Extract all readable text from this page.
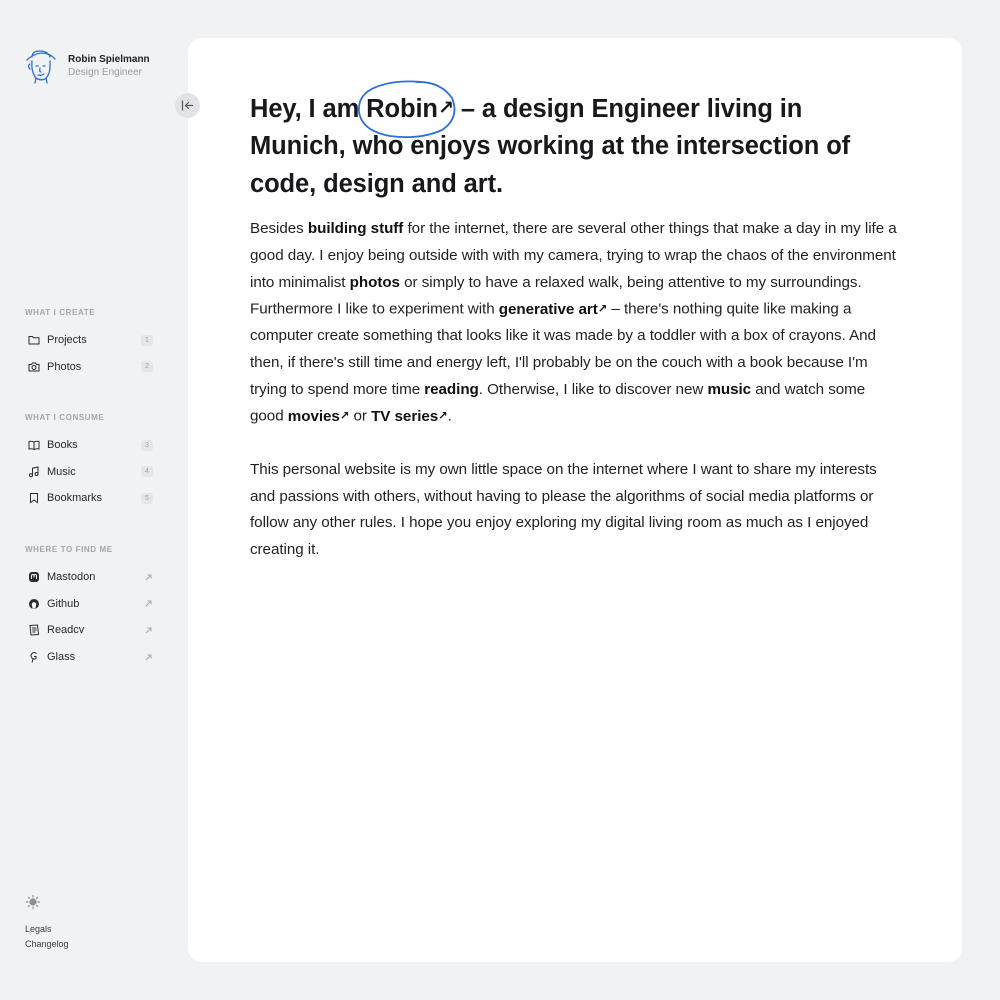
Robin Spielmann
Design Engineer
WHAT I CREATE
Projects	1
Photos	2
WHAT I CONSUME
Books	3
Music	4
Bookmarks	5
WHERE TO FIND ME
Mastodon
Github
Readcv
Glass
Legals
Changelog
Hey, I am
Robin↗ – a design Engineer living in Munich, who enjoys working at the intersection of code, design and art.

Besides building stuff for the internet, there are several other things that make a day in my life a good day. I enjoy being outside with with my camera, trying to wrap the chaos of the environment into minimalist photos or simply to have a relaxed walk, being attentive to my surroundings. Furthermore I like to experiment with generative art↗ – there's nothing quite like making a computer create something that looks like it was made by a toddler with a box of crayons. And then, if there's still time and energy left, I'll probably be on the couch with a book because I'm trying to spend more time reading. Otherwise, I like to discover new music and watch some good movies↗ or TV series↗.

This personal website is my own little space on the internet where I want to share my interests and passions with others, without having to please the algorithms of social media platforms or follow any other rules. I hope you enjoy exploring my digital living room as much as I enjoyed creating it.
